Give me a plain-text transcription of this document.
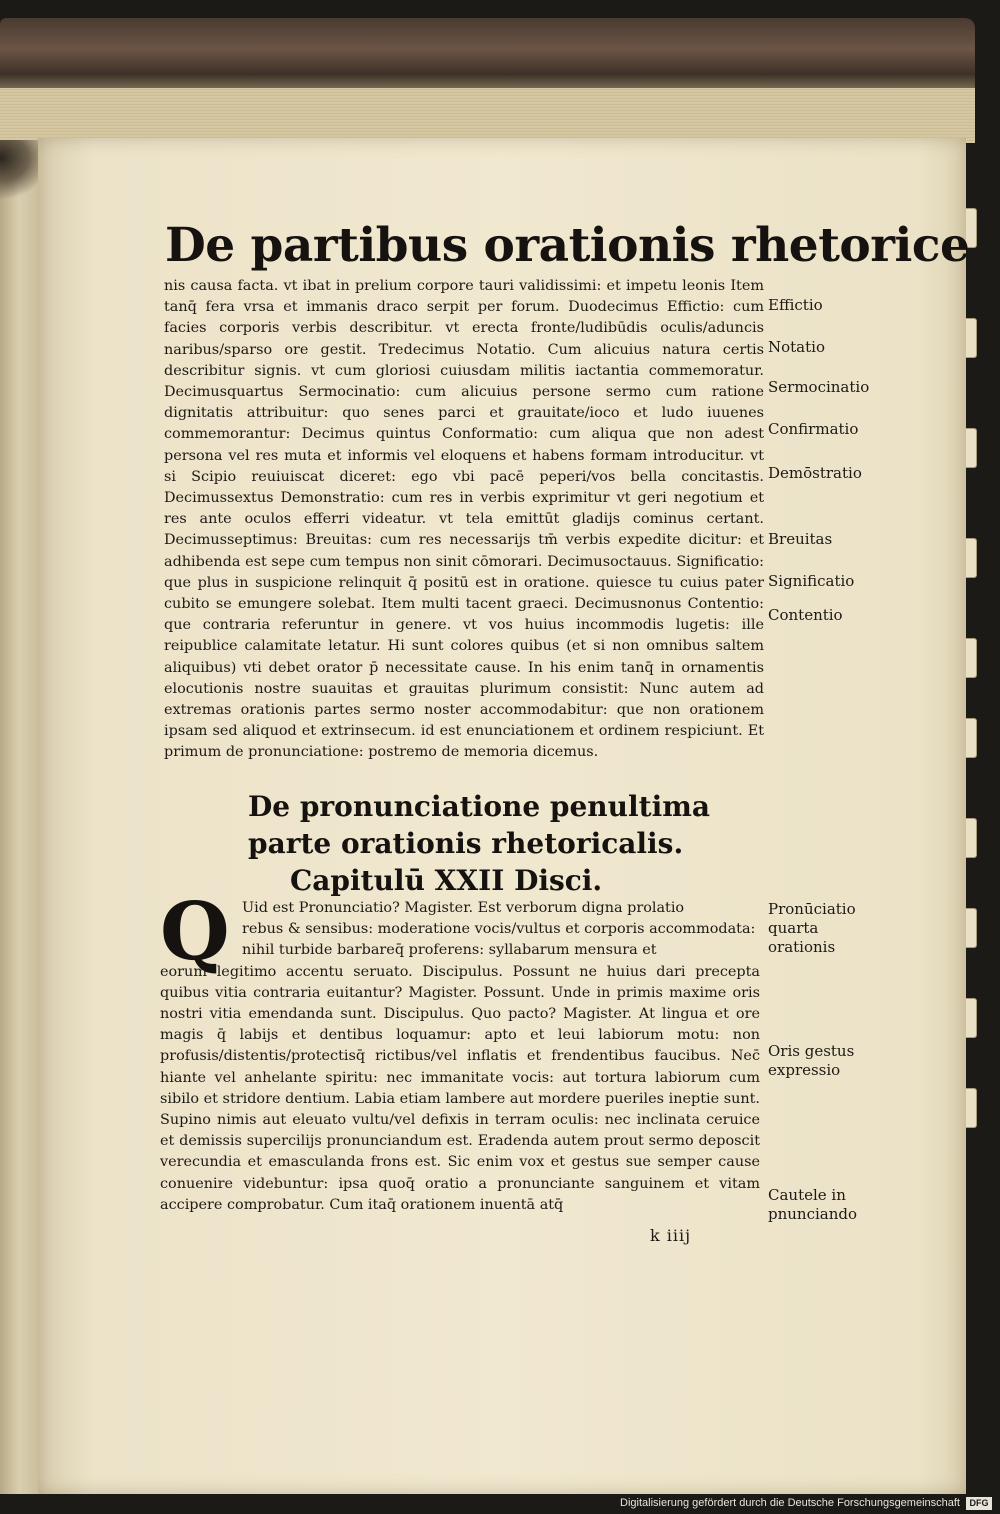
De partibus orationis rhetorice
nis causa facta. vt ibat in prelium corpore tauri validissimi: et impetu leonis Item tanq̄ fera vrsa et immanis draco serpit per forum. Duodecimus Effictio: cum facies corporis verbis describitur. vt erecta fronte/ludibūdis oculis/aduncis naribus/sparso ore gestit. Tredecimus Notatio. Cum alicuius natura certis describitur signis. vt cum gloriosi cuiusdam militis iactantia commemoratur. Decimusquartus Sermocinatio: cum alicuius persone sermo cum ratione dignitatis attribuitur: quo senes parci et grauitate/ioco et ludo iuuenes commemorantur: Decimus quintus Conformatio: cum aliqua que non adest persona vel res muta et informis vel eloquens et habens formam introducitur. vt si Scipio reuiuiscat diceret: ego vbi pacē peperi/vos bella concitastis. Decimussextus Demonstratio: cum res in verbis exprimitur vt geri negotium et res ante oculos efferri videatur. vt tela emittūt gladijs cominus certant. Decimusseptimus: Breuitas: cum res necessarijs tm̄ verbis expedite dicitur: et adhibenda est sepe cum tempus non sinit cōmorari. Decimusoctauus. Significatio: que plus in suspicione relinquit q̄ positū est in oratione. quiesce tu cuius pater cubito se emungere solebat. Item multi tacent graeci. Decimusnonus Contentio: que contraria referuntur in genere. vt vos huius incommodis lugetis: ille reipublice calamitate letatur. Hi sunt colores quibus (et si non omnibus saltem aliquibus) vti debet orator p̄ necessitate cause. In his enim tanq̄ in ornamentis elocutionis nostre suauitas et grauitas plurimum consistit: Nunc autem ad extremas orationis partes sermo noster accommodabitur: que non orationem ipsam sed aliquod et extrinsecum. id est enunciationem et ordinem respiciunt. Et primum de pronunciatione: postremo de memoria dicemus.
De pronunciatione penultima
parte orationis rhetoricalis.
Capitulū XXII Disci.
Q Uid est Pronunciatio? Magister. Est verborum digna prolatio
rebus & sensibus: moderatione vocis/vultus et corporis accommodata: nihil turbide barbareq̄ proferens: syllabarum mensura et
eorum legitimo accentu seruato. Discipulus. Possunt ne huius dari precepta quibus vitia contraria euitantur? Magister. Possunt. Unde in primis maxime oris nostri vitia emendanda sunt. Discipulus. Quo pacto? Magister. At lingua et ore magis q̄ labijs et dentibus loquamur: apto et leui labiorum motu: non profusis/distentis/protectisq̄ rictibus/vel inflatis et frendentibus faucibus. Nec̄ hiante vel anhelante spiritu: nec immanitate vocis: aut tortura labiorum cum sibilo et stridore dentium. Labia etiam lambere aut mordere pueriles ineptie sunt. Supino nimis aut eleuato vultu/vel defixis in terram oculis: nec inclinata ceruice et demissis supercilijs pronunciandum est. Eradenda autem prout sermo deposcit verecundia et emasculanda frons est. Sic enim vox et gestus sue semper cause conuenire videbuntur: ipsa quoq̄ oratio a pronunciante sanguinem et vitam accipere comprobatur. Cum itaq̄ orationem inuentā atq̄
k iiij
Effictio
Notatio
Sermocinatio
Confirmatio
Demōstratio
Breuitas
Significatio
Contentio
Pronūciatio quarta orationis
Oris gestus expressio
Cautele in pnunciando
Digitalisierung gefördert durch die Deutsche Forschungsgemeinschaft	DFG
